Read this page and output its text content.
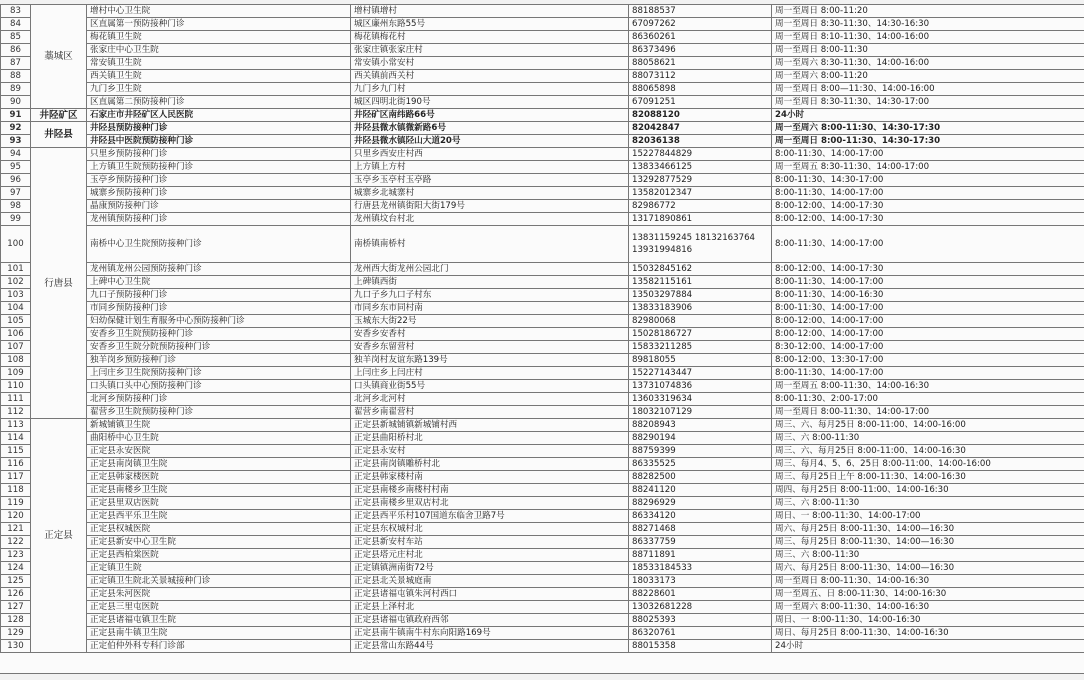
83	藁城区	增村中心卫生院	增村镇增村	88188537	周一至周日 8:00-11:20
84		区直属第一预防接种门诊	城区廉州东路55号	67097262	周一至周日 8:30-11:30、14:30-16:30
85		梅花镇卫生院	梅花镇梅花村	86360261	周一至周日 8:10-11:30、14:00-16:00
86		张家庄中心卫生院	张家庄镇张家庄村	86373496	周一至周日 8:00-11:30
87		常安镇卫生院	常安镇小常安村	88058621	周一至周六 8:30-11:30、14:00-16:00
88		西关镇卫生院	西关镇前西关村	88073112	周一至周六 8:00-11:20
89		九门乡卫生院	九门乡九门村	88065898	周一至周日 8:00—11:30、14:00-16:00
90		区直属第二预防接种门诊	城区四明北街190号	67091251	周一至周日 8:30-11:30、14:30-17:00
91	井陉矿区	石家庄市井陉矿区人民医院	井陉矿区南纬路66号	82088120	24小时
92	井陉县	井陉县预防接种门诊	井陉县微水镇微新路6号	82042847	周一至周六 8:00-11:30、14:30-17:30
93		井陉县中医院预防接种门诊	井陉县微水镇陉山大道20号	82036138	周一至周日 8:00-11:30、14:30-17:30
94	行唐县	只里乡预防接种门诊	只里乡西安庄村西	15227844829	8:00-11:30、14:00-17:00
95		上方镇卫生院预防接种门诊	上方镇上方村	13833466125	周一至周五 8:30-11:30、14:00-17:00
96		玉亭乡预防接种门诊	玉亭乡玉亭村玉亭路	13292877529	8:00-11:30、14:30-17:00
97		城寨乡预防接种门诊	城寨乡北城寨村	13582012347	8:00-11:30、14:00-17:00
98		晶康预防接种门诊	行唐县龙州镇街阳大街179号	82986772	8:00-12:00、14:00-17:30
99		龙州镇预防接种门诊	龙州镇坟台村北	13171890861	8:00-12:00、14:00-17:30
100		南桥中心卫生院预防接种门诊	南桥镇南桥村	13831159245 18132163764 13931994816	8:00-11:30、14:00-17:00
101		龙州镇龙州公园预防接种门诊	龙州西大街龙州公园北门	15032845162	8:00-12:00、14:00-17:30
102		上碑中心卫生院	上碑镇西街	13582115161	8:00-11:30、14:00-17:00
103		九口子预防接种门诊	九口子乡九口子村东	13503297884	8:00-11:30、14:00-16:30
104		市同乡预防接种门诊	市同乡东市同村南	13833183906	8:00-11:30、14:00-17:00
105		妇幼保健计划生育服务中心预防接种门诊	玉城东大街22号	82980068	8:00-12:00、14:00-17:00
106		安香乡卫生院预防接种门诊	安香乡安香村	15028186727	8:00-12:00、14:00-17:00
107		安香乡卫生院分院预防接种门诊	安香乡东留营村	15833211285	8:30-12:00、14:00-17:00
108		独羊岗乡预防接种门诊	独羊岗村友谊东路139号	89818055	8:00-12:00、13:30-17:00
109		上闫庄乡卫生院预防接种门诊	上闫庄乡上闫庄村	15227143447	8:00-11:30、14:00-17:00
110		口头镇口头中心预防接种门诊	口头镇商业街55号	13731074836	周一至周五 8:00-11:30、14:00-16:30
111		北河乡预防接种门诊	北河乡北河村	13603319634	8:00-11:30、2:00-17:00
112		翟营乡卫生院预防接种门诊	翟营乡南翟营村	18032107129	周一至周日 8:00-11:30、14:00-17:00
113	正定县	新城铺镇卫生院	正定县新城铺镇新城铺村西	88208943	周三、六、每月25日 8:00-11:00、14:00-16:00
114		曲阳桥中心卫生院	正定县曲阳桥村北	88290194	周三、六 8:00-11:30
115		正定县永安医院	正定县永安村	88759399	周三、六、每月25日 8:00-11:00、14:00-16:30
116		正定县南岗镇卫生院	正定县南岗镇雕桥村北	86335525	周三、每月4、5、6、25日 8:00-11:00、14:00-16:00
117		正定县韩家楼医院	正定县韩家楼村南	88282500	周三、每月25日上午 8:00-11:30、14:00-16:30
118		正定县南楼乡卫生院	正定县南楼乡南楼村村南	88241120	周四、每月25日 8:00-11:00、14:00-16:30
119		正定县里双店医院	正定县南楼乡里双店村北	88296929	周三、六 8:00-11:30
120		正定县西平乐卫生院	正定县西平乐村107国道东临舍卫路7号	86334120	周日、一 8:00-11:30、14:00-17:00
121		正定县权城医院	正定县东权城村北	88271468	周六、每月25日 8:00-11:30、14:00—16:30
122		正定县新安中心卫生院	正定县新安村车站	86337759	周三、每月25日 8:00-11:30、14:00—16:30
123		正定县西柏棠医院	正定县塔元庄村北	88711891	周三、六 8:00-11:30
124		正定镇卫生院	正定镇镇洲南街72号	18533184533	周六、每月25日 8:00-11:30、14:00—16:30
125		正定镇卫生院北关景城接种门诊	正定县北关景城庭南	18033173	周一至周日 8:00-11:30、14:00-16:30
126		正定县朱河医院	正定县诸福屯镇朱河村西口	88228601	周一至周五、日 8:00-11:30、14:00-16:30
127		正定县三里屯医院	正定县上泽村北	13032681228	周一至周六 8:00-11:30、14:00-16:30
128		正定县诸福屯镇卫生院	正定县诸福屯镇政府西邻	88025393	周日、一 8:00-11:30、14:00-16:30
129		正定县南牛镇卫生院	正定县南牛镇南牛村东向阳路169号	86320761	周日、每月25日 8:00-11:30、14:00-16:30
130		正定伯仲外科专科门诊部	正定县常山东路44号	88015358	24小时
